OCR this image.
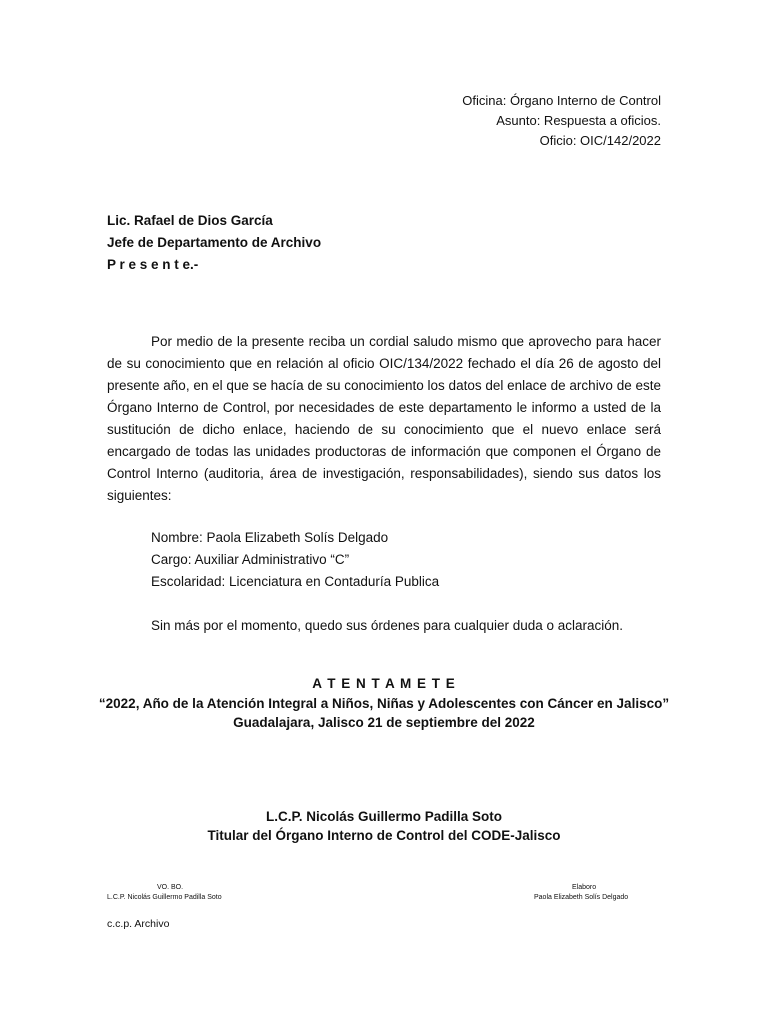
Oficina: Órgano Interno de Control
Asunto: Respuesta a oficios.
Oficio: OIC/142/2022
Lic. Rafael de Dios García
Jefe de Departamento de Archivo
P r e s e n t e.-
Por medio de la presente reciba un cordial saludo mismo que aprovecho para hacer de su conocimiento que en relación al oficio OIC/134/2022 fechado el día 26 de agosto del presente año, en el que se hacía de su conocimiento los datos del enlace de archivo de este Órgano Interno de Control, por necesidades de este departamento le informo a usted de la sustitución de dicho enlace, haciendo de su conocimiento que el nuevo enlace será encargado de todas las unidades productoras de información que componen el Órgano de Control Interno (auditoria, área de investigación, responsabilidades), siendo sus datos los siguientes:
Nombre: Paola Elizabeth Solís Delgado
Cargo: Auxiliar Administrativo “C”
Escolaridad: Licenciatura en Contaduría Publica
Sin más por el momento, quedo sus órdenes para cualquier duda o aclaración.
A T E N T A M E T E
“2022, Año de la Atención Integral a Niños, Niñas y Adolescentes con Cáncer en Jalisco”
Guadalajara, Jalisco 21 de septiembre del 2022
L.C.P. Nicolás Guillermo Padilla Soto
Titular del Órgano Interno de Control del CODE-Jalisco
VO. BO.
L.C.P. Nicolás Guillermo Padilla Soto
Elaboro
Paola Elizabeth Solís Delgado
c.c.p. Archivo
